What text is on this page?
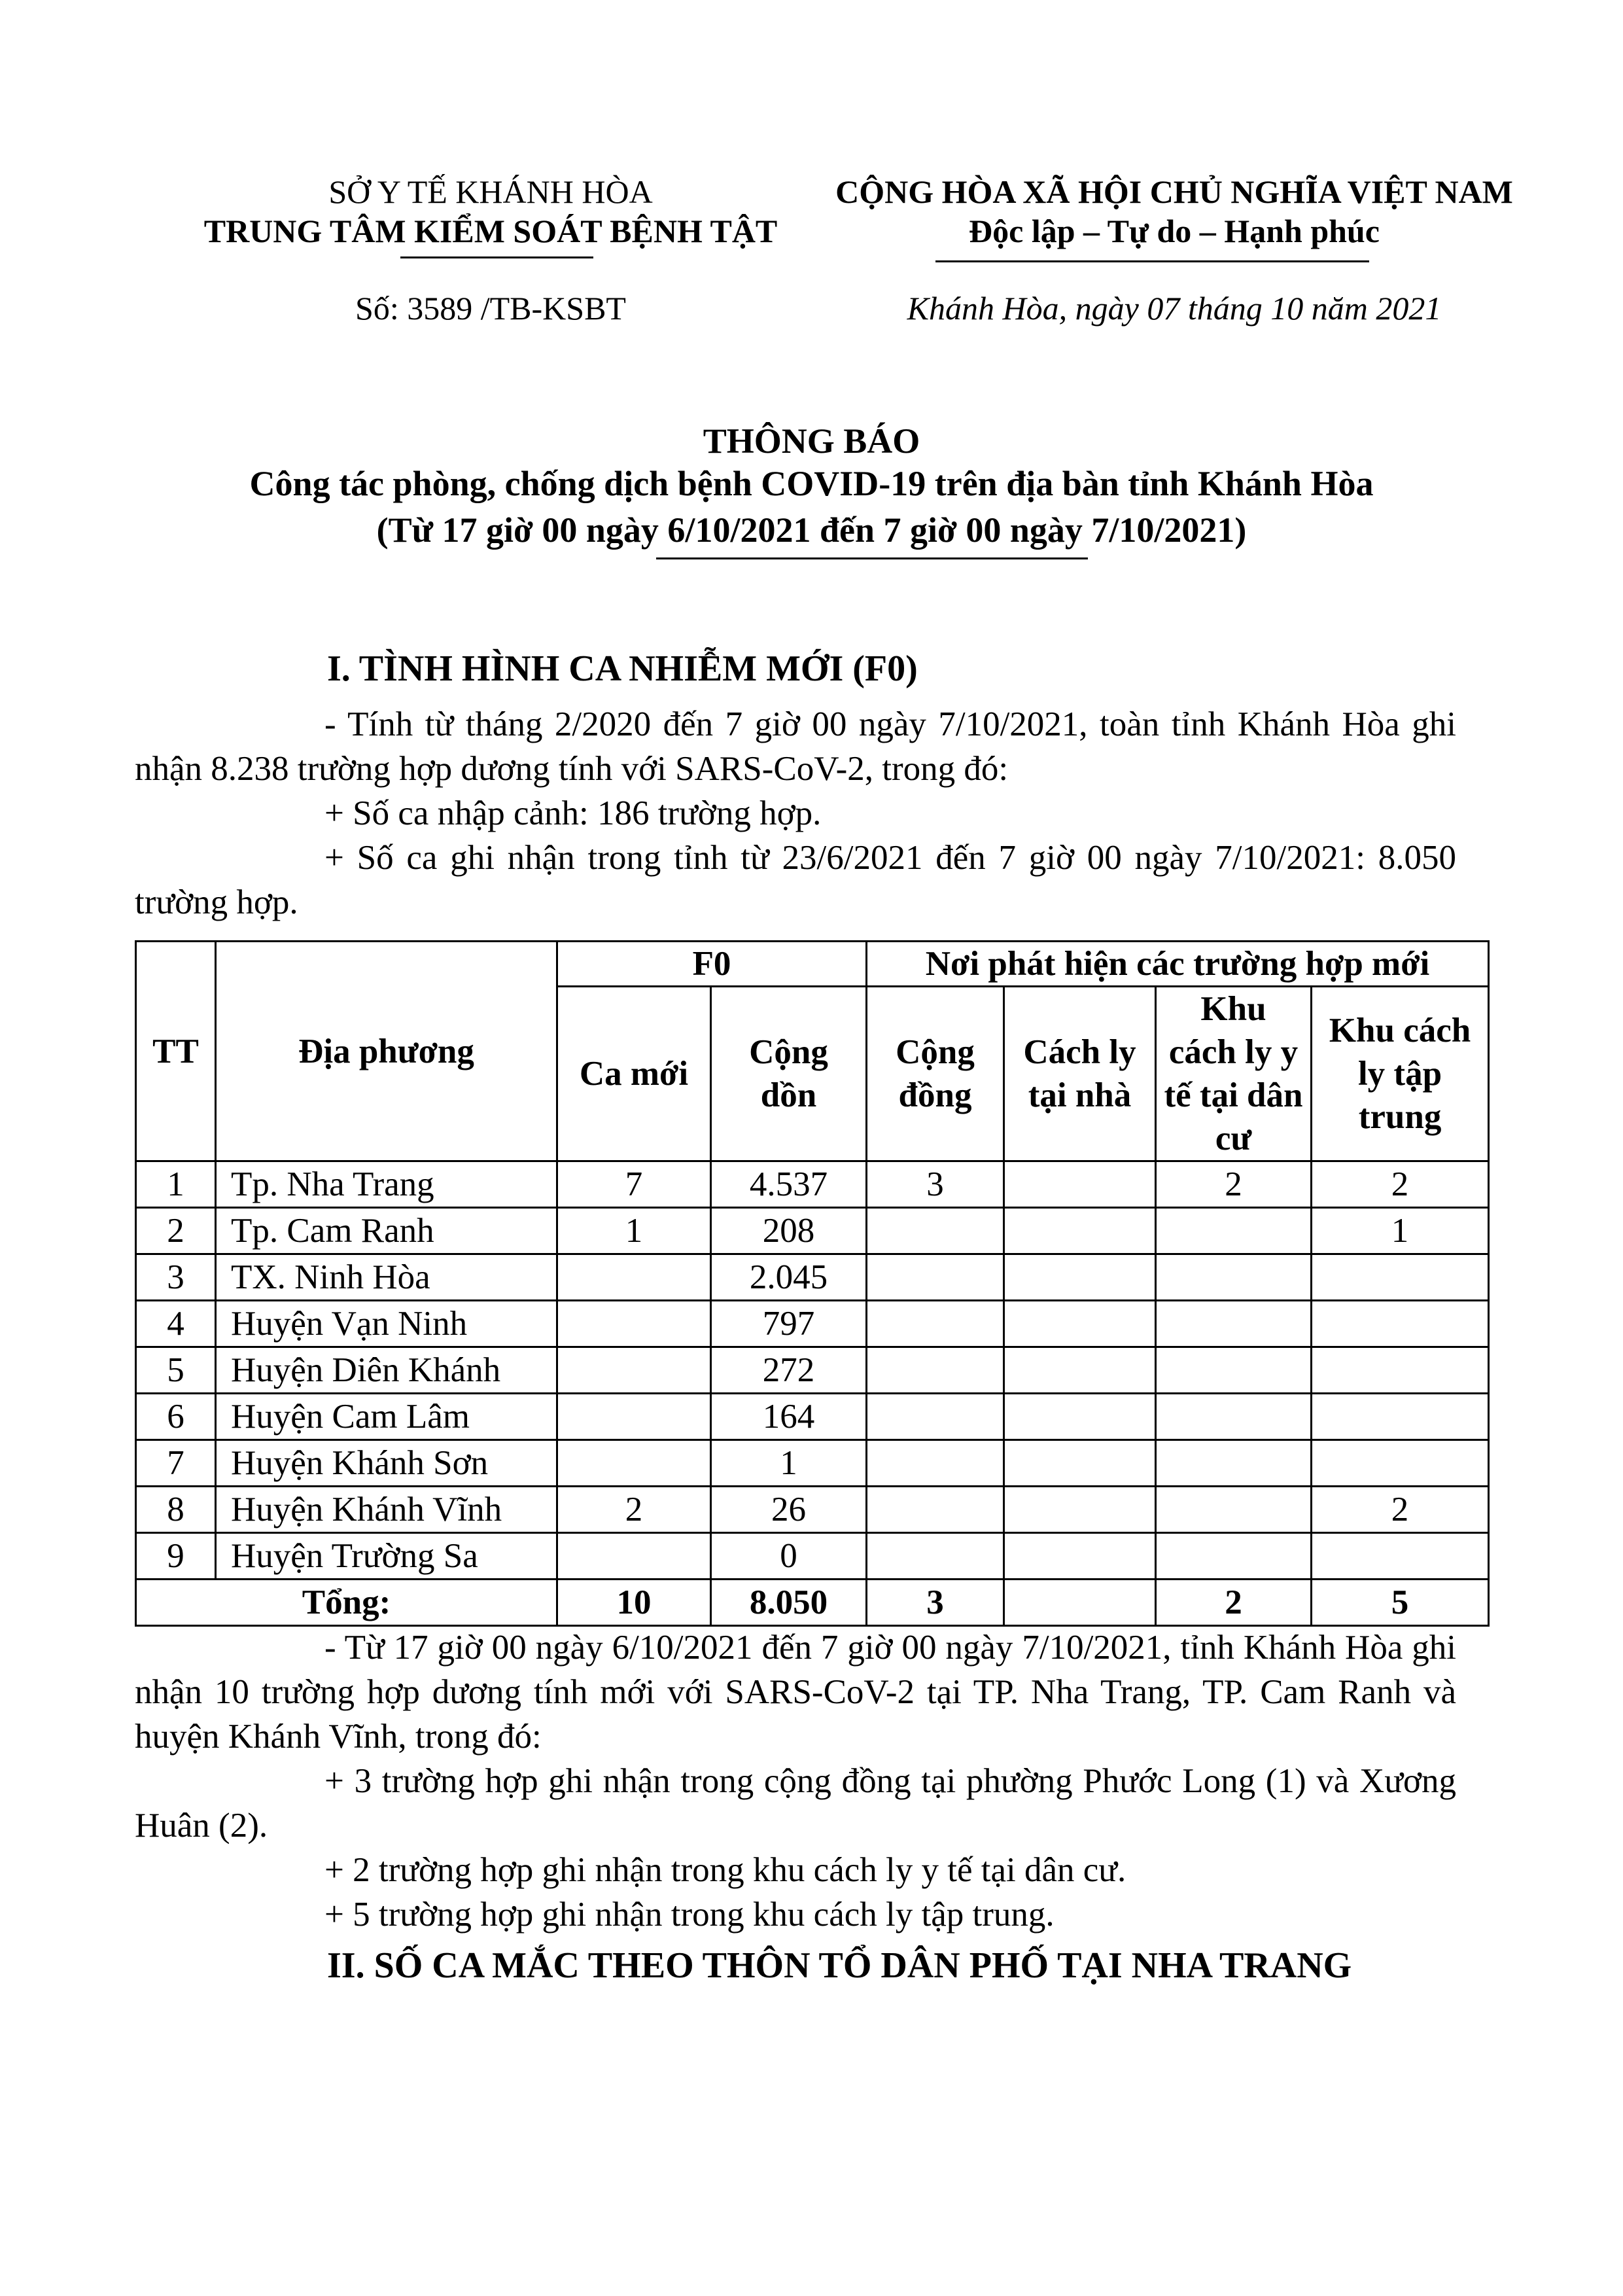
SỞ Y TẾ KHÁNH HÒA
TRUNG TÂM KIỂM SOÁT BỆNH TẬT
CỘNG HÒA XÃ HỘI CHỦ NGHĨA VIỆT NAM
Độc lập – Tự do – Hạnh phúc
Số: 3589 /TB-KSBT	Khánh Hòa, ngày 07 tháng 10 năm 2021
THÔNG BÁO
Công tác phòng, chống dịch bệnh COVID-19 trên địa bàn tỉnh Khánh Hòa
(Từ 17 giờ 00 ngày 6/10/2021 đến 7 giờ 00 ngày 7/10/2021)
I. TÌNH HÌNH CA NHIỄM MỚI (F0)

- Tính từ tháng 2/2020 đến 7 giờ 00 ngày 7/10/2021, toàn tỉnh Khánh Hòa ghi nhận 8.238 trường hợp dương tính với SARS-CoV-2, trong đó:

+ Số ca nhập cảnh: 186 trường hợp.

+ Số ca ghi nhận trong tỉnh từ 23/6/2021 đến 7 giờ 00 ngày 7/10/2021: 8.050 trường hợp.

TT	Địa phương	F0		Nơi phát hiện các trường hợp mới			
		Ca mới	Cộng dồn	Cộng đồng	Cách ly tại nhà	Khu cách ly y tế tại dân cư	Khu cách ly tập trung

1	Tp. Nha Trang	7	4.537	3		2	2
2	Tp. Cam Ranh	1	208				1
3	TX. Ninh Hòa		2.045				
4	Huyện Vạn Ninh		797				
5	Huyện Diên Khánh		272				
6	Huyện Cam Lâm		164				
7	Huyện Khánh Sơn		1				
8	Huyện Khánh Vĩnh	2	26				2
9	Huyện Trường Sa		0				
Tổng:		10	8.050	3		2	5

- Từ 17 giờ 00 ngày 6/10/2021 đến 7 giờ 00 ngày 7/10/2021, tỉnh Khánh Hòa ghi nhận 10 trường hợp dương tính mới với SARS-CoV-2 tại TP. Nha Trang, TP. Cam Ranh và huyện Khánh Vĩnh, trong đó:

+ 3 trường hợp ghi nhận trong cộng đồng tại phường Phước Long (1) và Xương Huân (2).

+ 2 trường hợp ghi nhận trong khu cách ly y tế tại dân cư.

+ 5 trường hợp ghi nhận trong khu cách ly tập trung.

II. SỐ CA MẮC THEO THÔN TỔ DÂN PHỐ TẠI NHA TRANG
